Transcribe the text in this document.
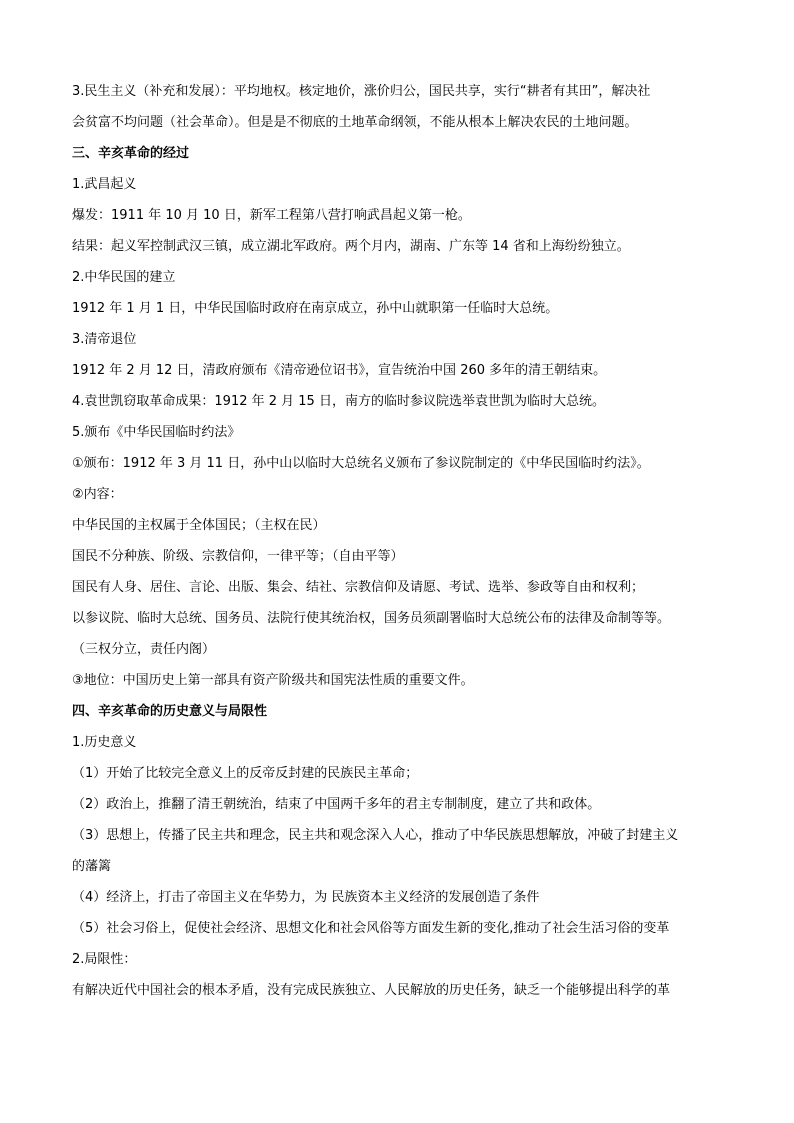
3.民生主义（补充和发展）：平均地权。核定地价，涨价归公，国民共享，实行“耕者有其田”，解决社
会贫富不均问题（社会革命）。但是是不彻底的土地革命纲领，不能从根本上解决农民的土地问题。
三、辛亥革命的经过
1.武昌起义
爆发：1911 年 10 月 10 日，新军工程第八营打响武昌起义第一枪。
结果：起义军控制武汉三镇，成立湖北军政府。两个月内，湖南、广东等 14 省和上海纷纷独立。
2.中华民国的建立
1912 年 1 月 1 日，中华民国临时政府在南京成立，孙中山就职第一任临时大总统。
3.清帝退位
1912 年 2 月 12 日，清政府颁布《清帝逊位诏书》，宣告统治中国 260 多年的清王朝结束。
4.袁世凯窃取革命成果：1912 年 2 月 15 日，南方的临时参议院选举袁世凯为临时大总统。
5.颁布《中华民国临时约法》
①颁布：1912 年 3 月 11 日，孙中山以临时大总统名义颁布了参议院制定的《中华民国临时约法》。
②内容：
中华民国的主权属于全体国民；（主权在民）
国民不分种族、阶级、宗教信仰，一律平等；（自由平等）
国民有人身、居住、言论、出版、集会、结社、宗教信仰及请愿、考试、选举、参政等自由和权利；
以参议院、临时大总统、国务员、法院行使其统治权，国务员须副署临时大总统公布的法律及命制等等。
（三权分立，责任内阁）
③地位：中国历史上第一部具有资产阶级共和国宪法性质的重要文件。
四、辛亥革命的历史意义与局限性
1.历史意义
（1）开始了比较完全意义上的反帝反封建的民族民主革命；
（2）政治上，推翻了清王朝统治，结束了中国两千多年的君主专制制度，建立了共和政体。
（3）思想上，传播了民主共和理念，民主共和观念深入人心，推动了中华民族思想解放，冲破了封建主义
的藩篱
（4）经济上，打击了帝国主义在华势力，为 民族资本主义经济的发展创造了条件
（5）社会习俗上，促使社会经济、思想文化和社会风俗等方面发生新的变化,推动了社会生活习俗的变革
2.局限性：
有解决近代中国社会的根本矛盾，没有完成民族独立、人民解放的历史任务，缺乏一个能够提出科学的革
